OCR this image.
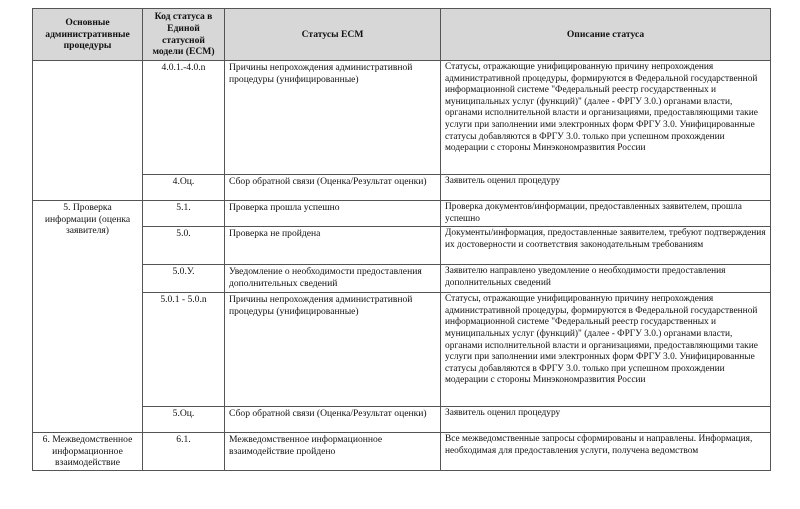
Основные административные процедуры	Код статуса в Единой статусной модели (ЕСМ)	Статусы ЕСМ	Описание статуса
	4.0.1.-4.0.n	Причины непрохождения административной процедуры (унифицированные)	Статусы, отражающие унифицированную причину непрохождения административной процедуры, формируются в Федеральной государственной информационной системе "Федеральный реестр государственных и муниципальных услуг (функций)" (далее - ФРГУ 3.0.) органами власти, органами исполнительной власти и организациями, предоставляющими такие услуги при заполнении ими электронных форм ФРГУ 3.0. Унифицированные статусы добавляются в ФРГУ 3.0. только при успешном прохождении модерации с стороны Минэкономразвития России
	4.Оц.	Сбор обратной связи (Оценка/Результат оценки)	Заявитель оценил процедуру
5. Проверка информации (оценка заявителя)	5.1.	Проверка прошла успешно	Проверка документов/информации, предоставленных заявителем, прошла успешно
	5.0.	Проверка не пройдена	Документы/информация, предоставленные заявителем, требуют подтверждения их достоверности и соответствия законодательным требованиям
	5.0.У.	Уведомление о необходимости предоставления дополнительных сведений	Заявителю направлено уведомление о необходимости предоставления дополнительных сведений
	5.0.1 - 5.0.n	Причины непрохождения административной процедуры (унифицированные)	Статусы, отражающие унифицированную причину непрохождения административной процедуры, формируются в Федеральной государственной информационной системе "Федеральный реестр государственных и муниципальных услуг (функций)" (далее - ФРГУ 3.0.) органами власти, органами исполнительной власти и организациями, предоставляющими такие услуги при заполнении ими электронных форм ФРГУ 3.0. Унифицированные статусы добавляются в ФРГУ 3.0. только при успешном прохождении модерации с стороны Минэкономразвития России
	5.Оц.	Сбор обратной связи (Оценка/Результат оценки)	Заявитель оценил процедуру
6. Межведомственное информационное взаимодействие	6.1.	Межведомственное информационное взаимодействие пройдено	Все межведомственные запросы сформированы и направлены. Информация, необходимая для предоставления услуги, получена ведомством
